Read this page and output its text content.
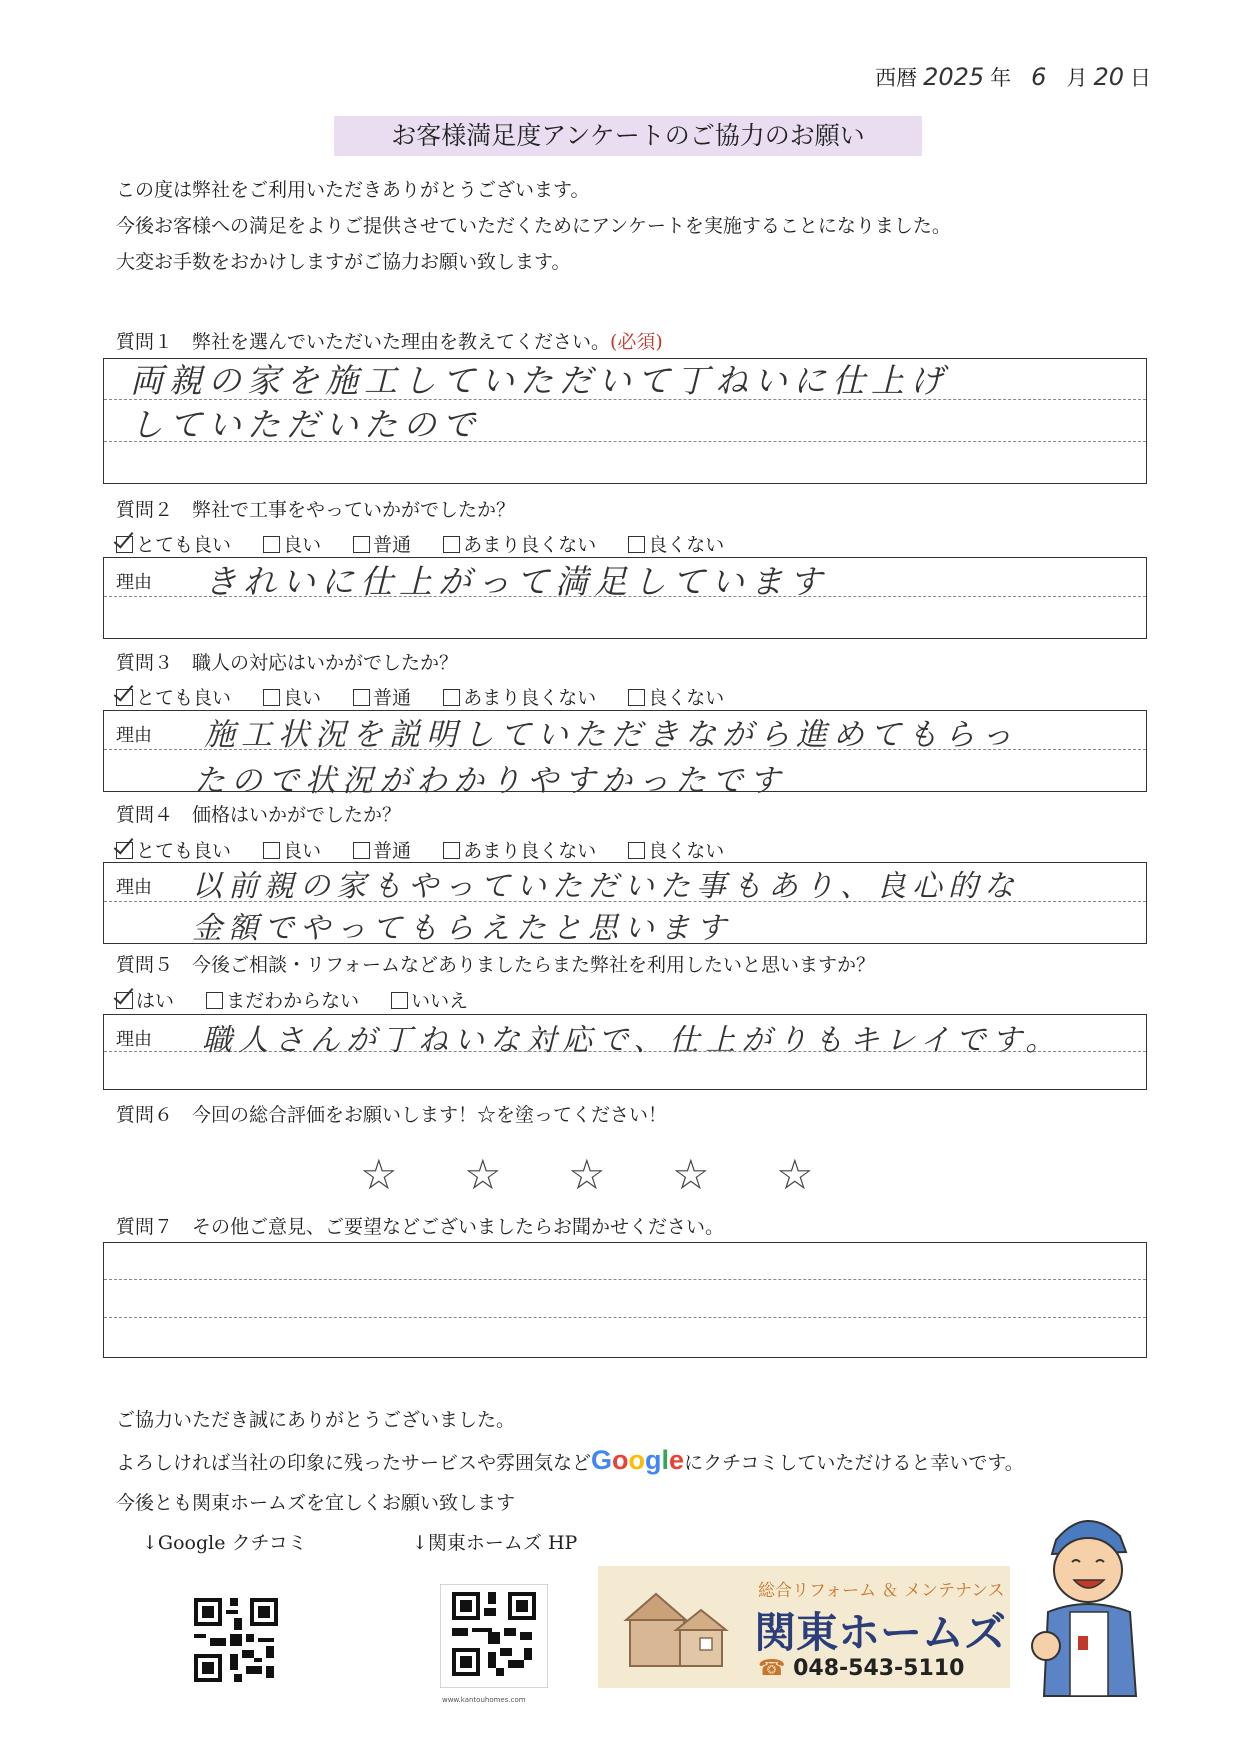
西暦 2025 年 6 月 20 日
お客様満足度アンケートのご協力のお願い
この度は弊社をご利用いただきありがとうございます。
今後お客様への満足をよりご提供させていただくためにアンケートを実施することになりました。
大変お手数をおかけしますがご協力お願い致します。
質問１　弊社を選んでいただいた理由を教えてください。(必須)
両親の家を施工していただいて丁ねいに仕上げ
していただいたので
質問２　弊社で工事をやっていかがでしたか？
とても良い	良い	普通	あまり良くない	良くない
理由 きれいに仕上がって満足しています
質問３　職人の対応はいかがでしたか？
とても良い	良い	普通	あまり良くない	良くない
理由 施工状況を説明していただきながら進めてもらっ
たので状況がわかりやすかったです
質問４　価格はいかがでしたか？
とても良い	良い	普通	あまり良くない	良くない
理由 以前親の家もやっていただいた事もあり、良心的な
金額でやってもらえたと思います
質問５　今後ご相談・リフォームなどありましたらまた弊社を利用したいと思いますか？
はい	まだわからない	いいえ
理由 職人さんが丁ねいな対応で、仕上がりもキレイです。
質問６　今回の総合評価をお願いします！☆を塗ってください！
☆ ☆ ☆ ☆ ☆
質問７　その他ご意見、ご要望などございましたらお聞かせください。
ご協力いただき誠にありがとうございました。
よろしければ当社の印象に残ったサービスや雰囲気などGoogleにクチコミしていただけると幸いです。
今後とも関東ホームズを宜しくお願い致します
↓Google クチコミ	↓関東ホームズ HP
www.kantouhomes.com
総合リフォーム ＆ メンテナンス
関東ホームズ
☎ 048-543-5110
